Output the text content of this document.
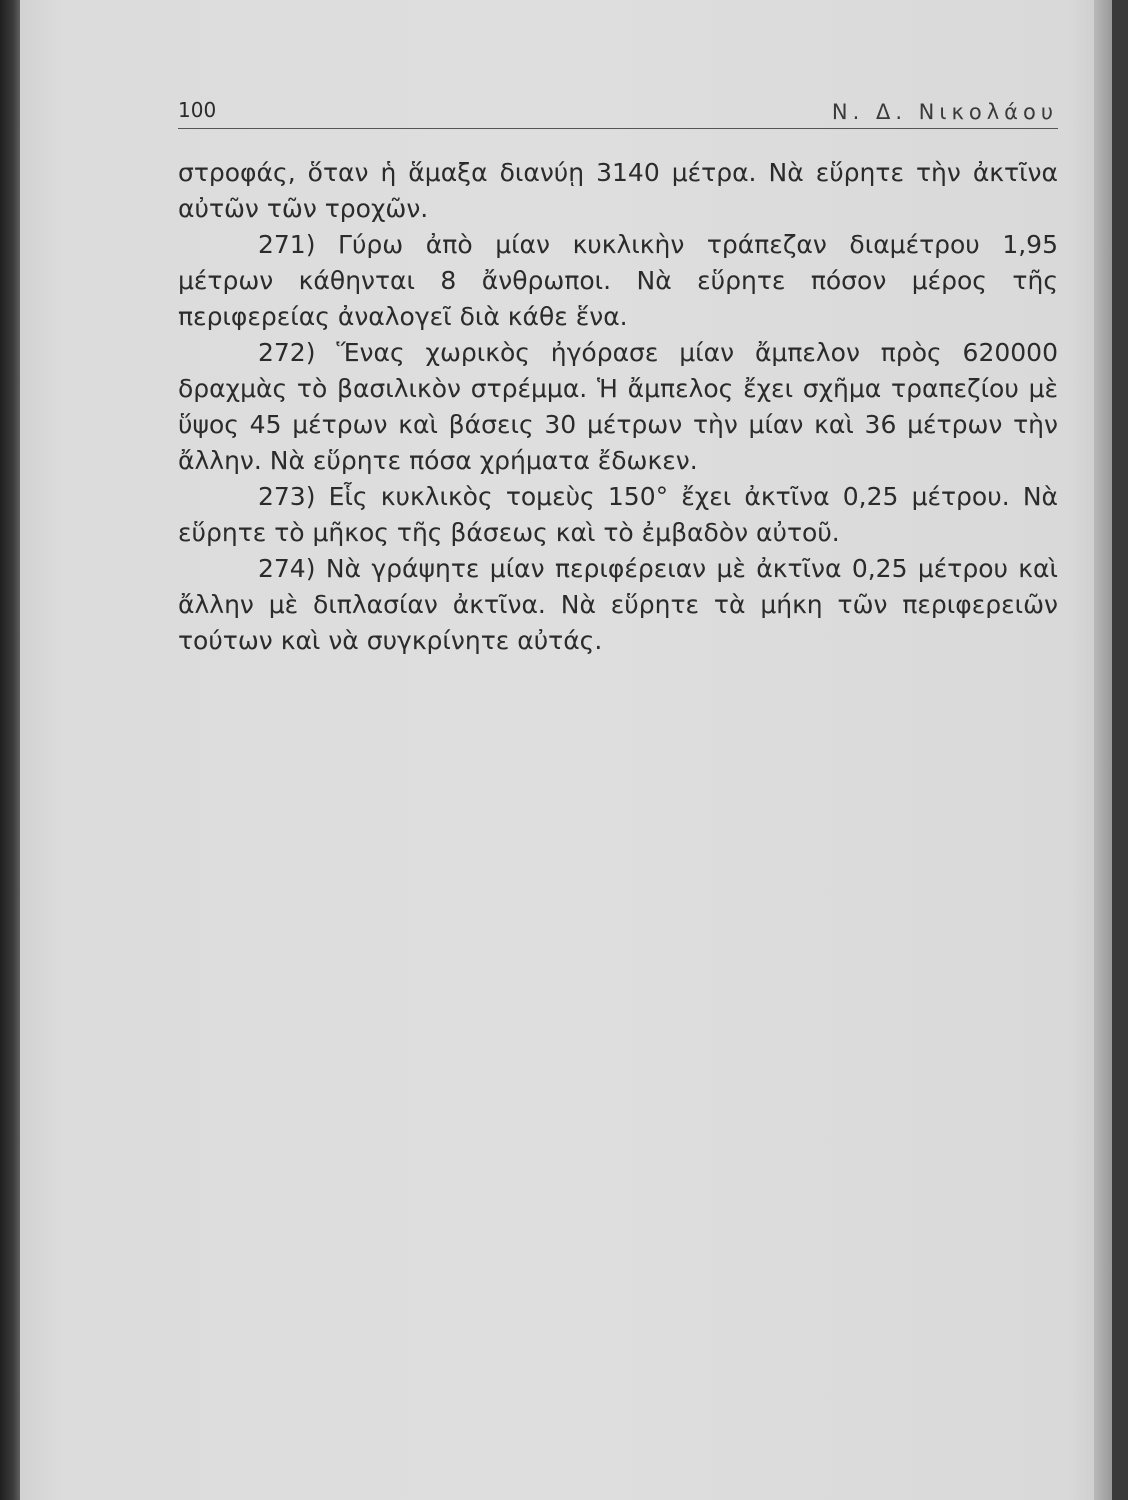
100	Ν. Δ. Νικολάου

στροφάς, ὅταν ἡ ἅμαξα διανύῃ 3140 μέτρα. Νὰ εὕρητε τὴν ἀκτῖνα αὐτῶν τῶν τροχῶν.

271) Γύρω ἀπὸ μίαν κυκλικὴν τράπεζαν διαμέτρου 1,95 μέτρων κάθηνται 8 ἄνθρωποι. Νὰ εὕρητε πόσον μέρος τῆς περιφερείας ἀναλογεῖ διὰ κάθε ἕνα.

272) Ἕνας χωρικὸς ἠγόρασε μίαν ἄμπελον πρὸς 620000 δραχμὰς τὸ βασιλικὸν στρέμμα. Ἡ ἄμπελος ἔχει σχῆμα τραπεζίου μὲ ὕψος 45 μέτρων καὶ βάσεις 30 μέτρων τὴν μίαν καὶ 36 μέτρων τὴν ἄλλην. Νὰ εὕρητε πόσα χρήματα ἔδωκεν.

273) Εἷς κυκλικὸς τομεὺς 150° ἔχει ἀκτῖνα 0,25 μέτρου. Νὰ εὕρητε τὸ μῆκος τῆς βάσεως καὶ τὸ ἐμβαδὸν αὐτοῦ.

274) Νὰ γράψητε μίαν περιφέρειαν μὲ ἀκτῖνα 0,25 μέτρου καὶ ἄλλην μὲ διπλασίαν ἀκτῖνα. Νὰ εὕρητε τὰ μήκη τῶν περιφερειῶν τούτων καὶ νὰ συγκρίνητε αὐτάς.
